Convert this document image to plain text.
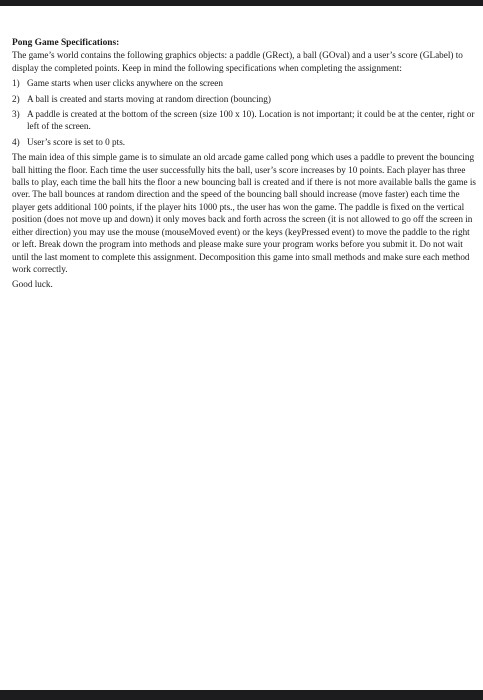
Pong Game Specifications:

The game’s world contains the following graphics objects: a paddle (GRect), a ball (GOval) and a user’s score (GLabel) to display the completed points. Keep in mind the following specifications when completing the assignment:

1) Game starts when user clicks anywhere on the screen
2) A ball is created and starts moving at random direction (bouncing)
3) A paddle is created at the bottom of the screen (size 100 x 10). Location is not important; it could be at the center, right or left of the screen.
4) User’s score is set to 0 pts.

The main idea of this simple game is to simulate an old arcade game called pong which uses a paddle to prevent the bouncing ball hitting the floor. Each time the user successfully hits the ball, user’s score increases by 10 points. Each player has three balls to play, each time the ball hits the floor a new bouncing ball is created and if there is not more available balls the game is over. The ball bounces at random direction and the speed of the bouncing ball should increase (move faster) each time the player gets additional 100 points, if the player hits 1000 pts., the user has won the game. The paddle is fixed on the vertical position (does not move up and down) it only moves back and forth across the screen (it is not allowed to go off the screen in either direction) you may use the mouse (mouseMoved event) or the keys (keyPressed event) to move the paddle to the right or left. Break down the program into methods and please make sure your program works before you submit it. Do not wait until the last moment to complete this assignment. Decomposition this game into small methods and make sure each method work correctly.

Good luck.
